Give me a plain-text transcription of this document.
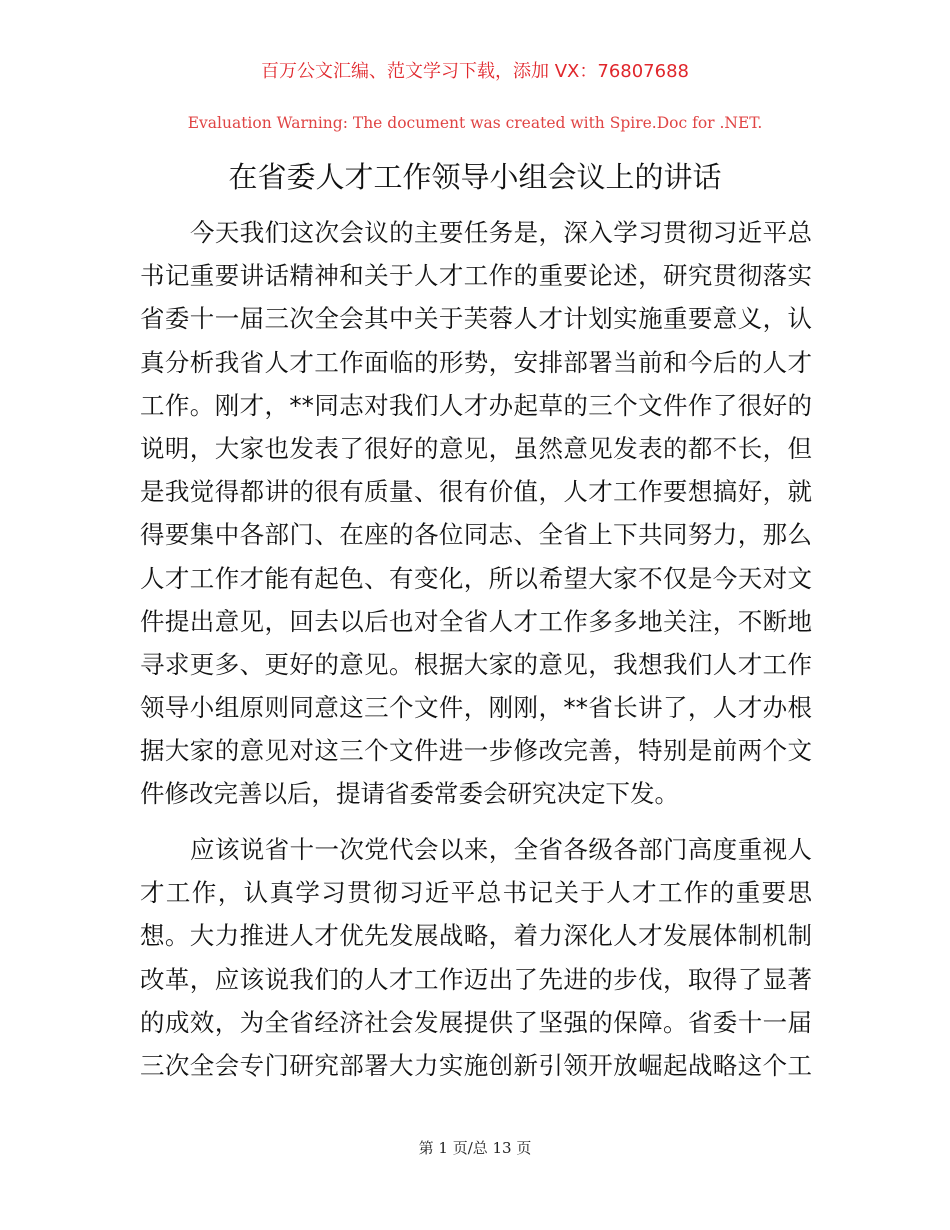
百万公文汇编、范文学习下载，添加 VX：76807688
Evaluation Warning: The document was created with Spire.Doc for .NET.
在省委人才工作领导小组会议上的讲话
今天我们这次会议的主要任务是，深入学习贯彻习近平总
书记重要讲话精神和关于人才工作的重要论述，研究贯彻落实
省委十一届三次全会其中关于芙蓉人才计划实施重要意义，认
真分析我省人才工作面临的形势，安排部署当前和今后的人才
工作。刚才，**同志对我们人才办起草的三个文件作了很好的
说明，大家也发表了很好的意见，虽然意见发表的都不长，但
是我觉得都讲的很有质量、很有价值，人才工作要想搞好，就
得要集中各部门、在座的各位同志、全省上下共同努力，那么
人才工作才能有起色、有变化，所以希望大家不仅是今天对文
件提出意见，回去以后也对全省人才工作多多地关注，不断地
寻求更多、更好的意见。根据大家的意见，我想我们人才工作
领导小组原则同意这三个文件，刚刚，**省长讲了，人才办根
据大家的意见对这三个文件进一步修改完善，特别是前两个文
件修改完善以后，提请省委常委会研究决定下发。
应该说省十一次党代会以来，全省各级各部门高度重视人
才工作，认真学习贯彻习近平总书记关于人才工作的重要思
想。大力推进人才优先发展战略，着力深化人才发展体制机制
改革，应该说我们的人才工作迈出了先进的步伐，取得了显著
的成效，为全省经济社会发展提供了坚强的保障。省委十一届
三次全会专门研究部署大力实施创新引领开放崛起战略这个工
第 1 页/总 13 页
